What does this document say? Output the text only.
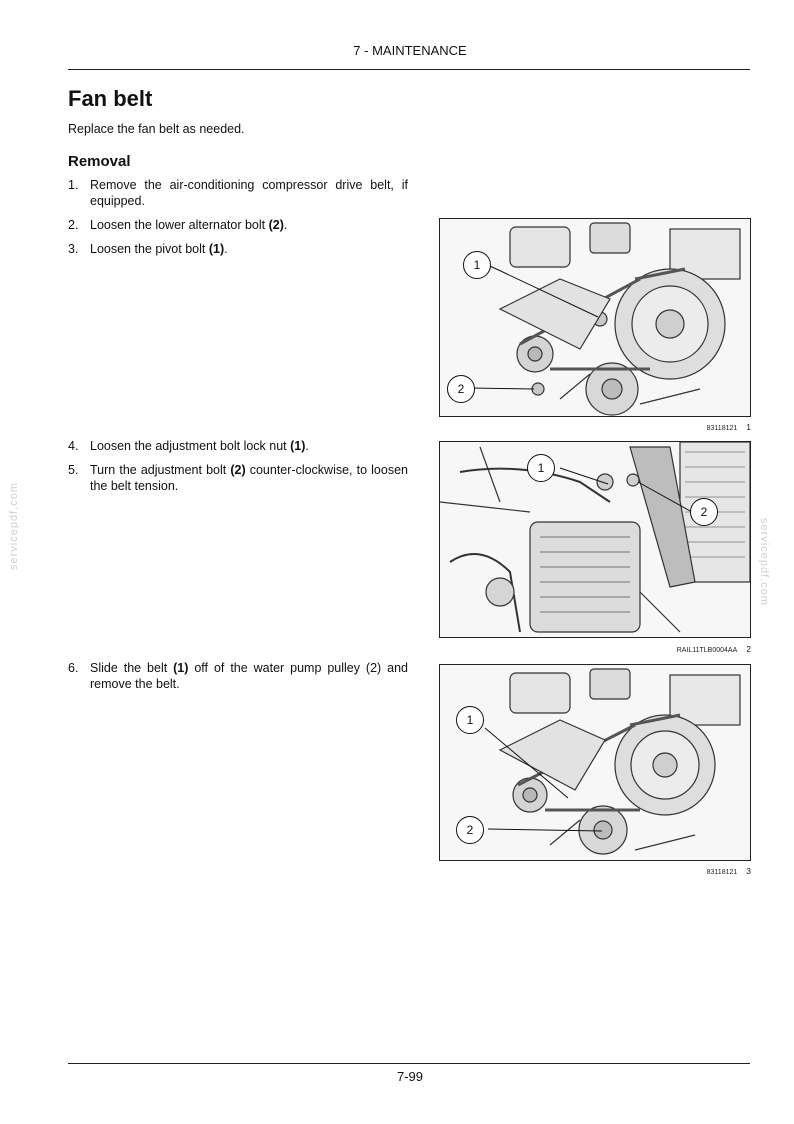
7 - MAINTENANCE
Fan belt
Replace the fan belt as needed.
Removal
1. Remove the air-conditioning compressor drive belt, if equipped.
2. Loosen the lower alternator bolt (2).
3. Loosen the pivot bolt (1).
4. Loosen the adjustment bolt lock nut (1).
5. Turn the adjustment bolt (2) counter-clockwise, to loosen the belt tension.
6. Slide the belt (1) off of the water pump pulley (2) and remove the belt.
1
2
83118121 1
1
2
RAIL11TLB0004AA 2
1
2
83118121 3
servicepdf.com	servicepdf.com
7-99
